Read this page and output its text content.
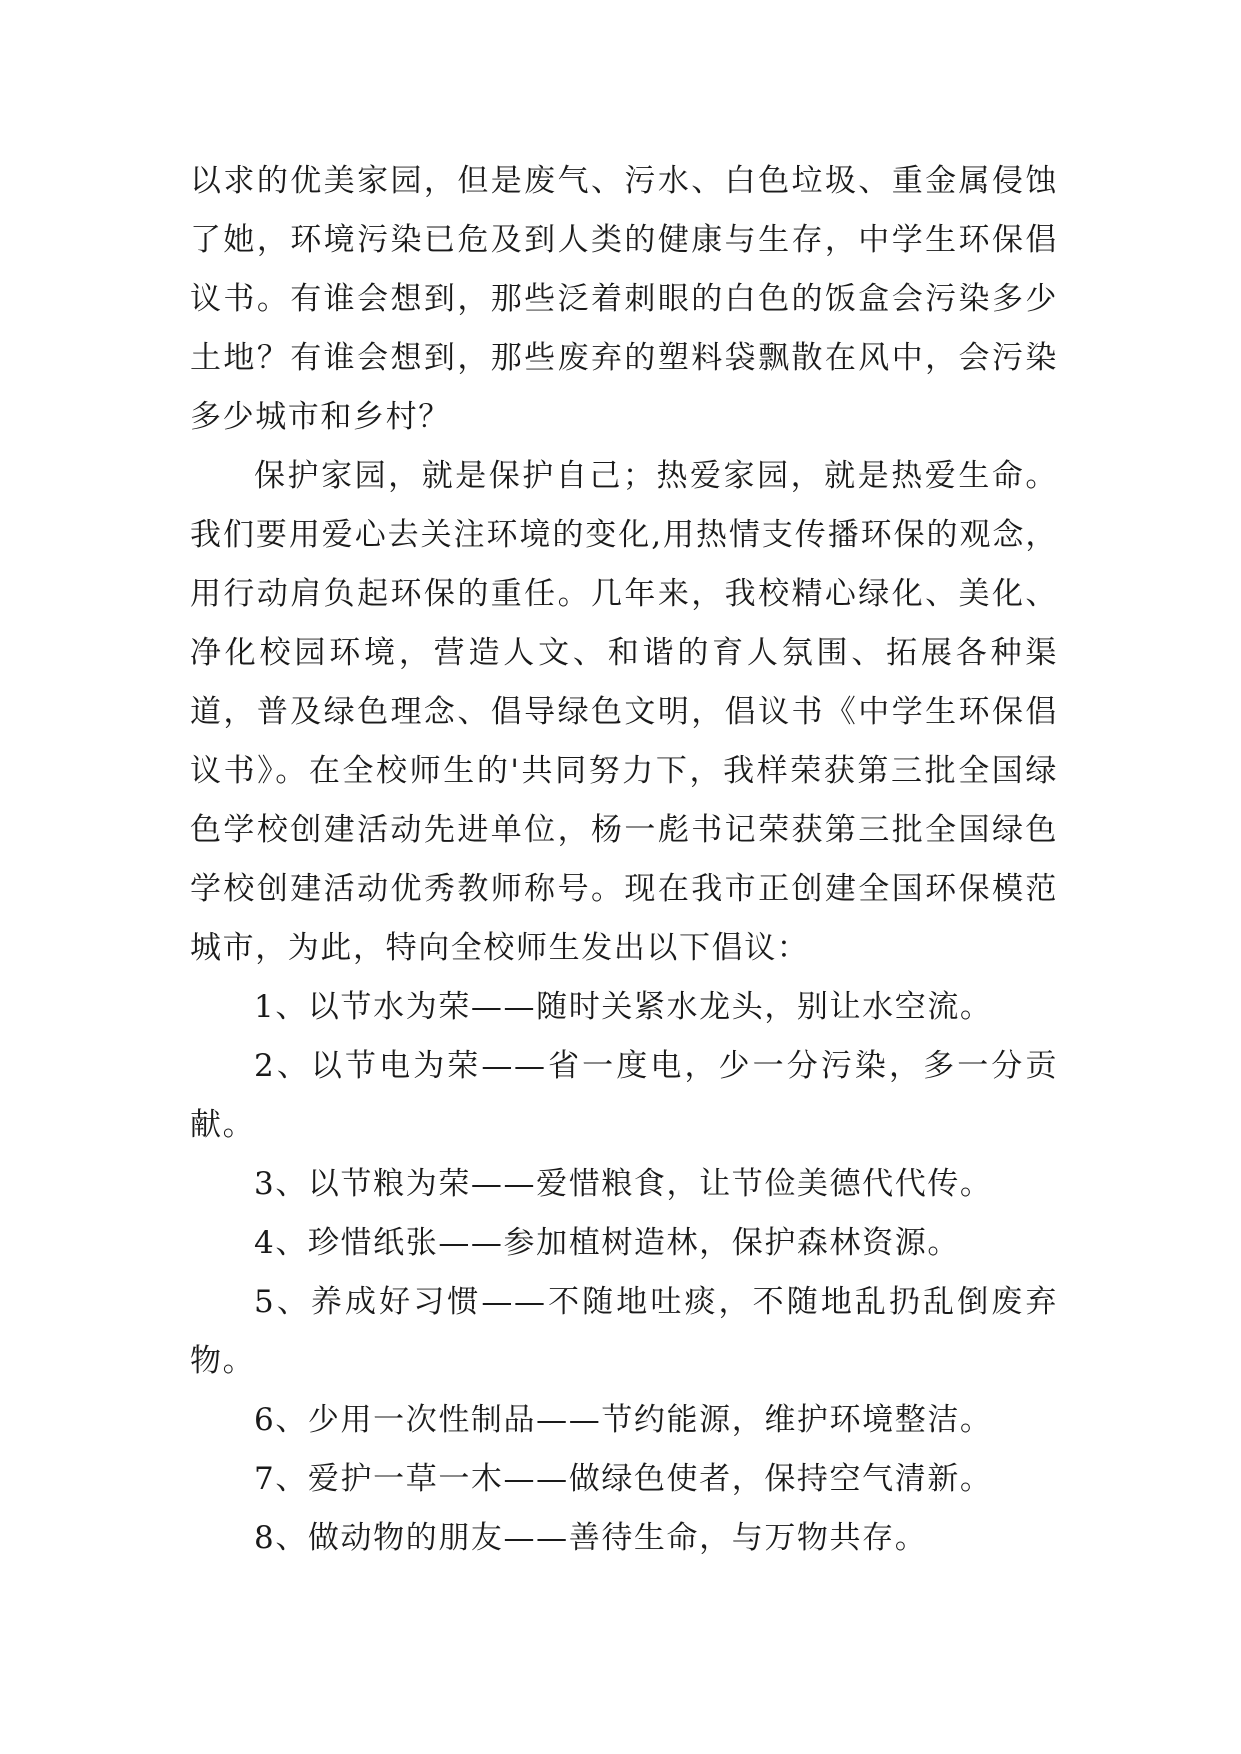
以求的优美家园，但是废气、污水、白色垃圾、重金属侵蚀了她，环境污染已危及到人类的健康与生存，中学生环保倡议书。有谁会想到，那些泛着刺眼的白色的饭盒会污染多少土地？有谁会想到，那些废弃的塑料袋飘散在风中，会污染多少城市和乡村？

保护家园，就是保护自己；热爱家园，就是热爱生命。我们要用爱心去关注环境的变化,用热情支传播环保的观念，用行动肩负起环保的重任。几年来，我校精心绿化、美化、净化校园环境，营造人文、和谐的育人氛围、拓展各种渠道，普及绿色理念、倡导绿色文明，倡议书《中学生环保倡议书》。在全校师生的'共同努力下，我样荣获第三批全国绿色学校创建活动先进单位，杨一彪书记荣获第三批全国绿色学校创建活动优秀教师称号。现在我市正创建全国环保模范城市，为此，特向全校师生发出以下倡议：

1、以节水为荣——随时关紧水龙头，别让水空流。

2、以节电为荣——省一度电，少一分污染，多一分贡献。

3、以节粮为荣——爱惜粮食，让节俭美德代代传。

4、珍惜纸张——参加植树造林，保护森林资源。

5、养成好习惯——不随地吐痰，不随地乱扔乱倒废弃物。

6、少用一次性制品——节约能源，维护环境整洁。

7、爱护一草一木——做绿色使者，保持空气清新。

8、做动物的朋友——善待生命，与万物共存。
